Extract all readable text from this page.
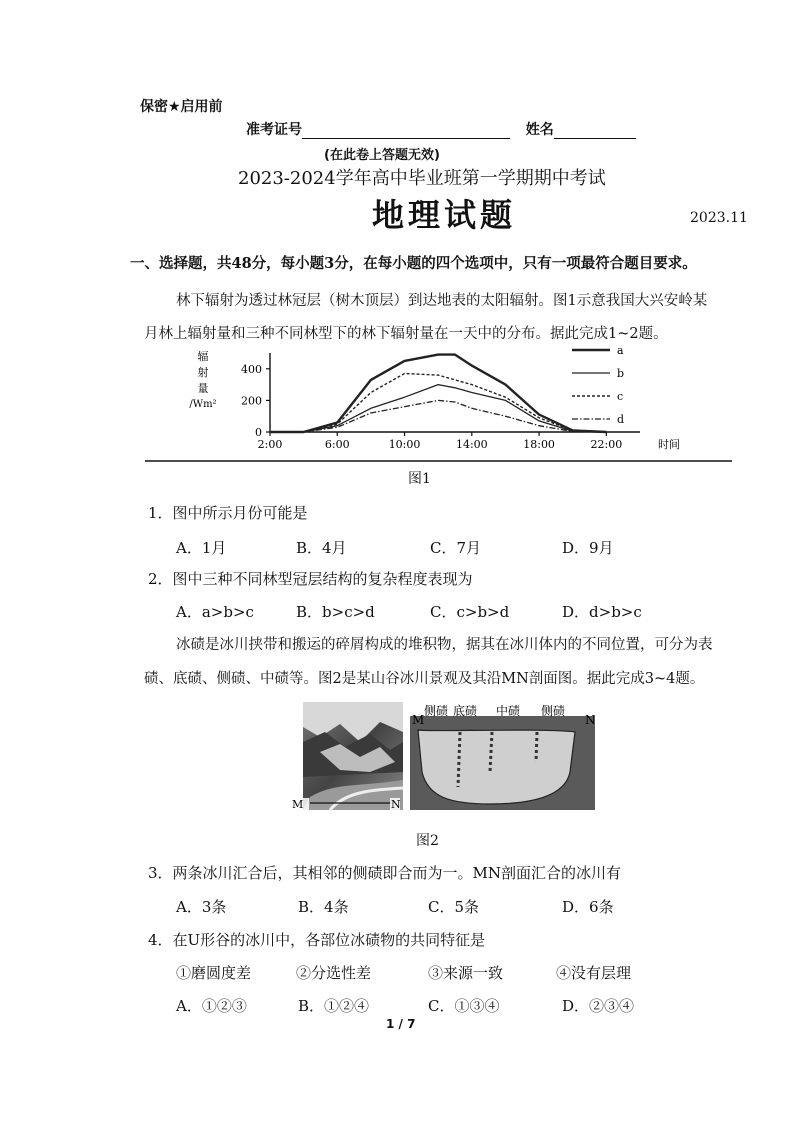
保密★启用前
准考证号	姓名
(在此卷上答题无效)
2023-2024学年高中毕业班第一学期期中考试
地理试题	2023.11
一、选择题，共48分，每小题3分，在每小题的四个选项中，只有一项最符合题目要求。
林下辐射为透过林冠层（树木顶层）到达地表的太阳辐射。图1示意我国大兴安岭某
月林上辐射量和三种不同林型下的林下辐射量在一天中的分布。据此完成1~2题。
辐
射
量
/Wm²
0
200
400
2:00	6:00	10:00	14:00	18:00	22:00	时间
a
b
c
d
图1
1．图中所示月份可能是
A．1月	B．4月	C．7月	D．9月
2．图中三种不同林型冠层结构的复杂程度表现为
A．a>b>c	B．b>c>d	C．c>b>d	D．d>b>c
冰碛是冰川挟带和搬运的碎屑构成的堆积物，据其在冰川体内的不同位置，可分为表
碛、底碛、侧碛、中碛等。图2是某山谷冰川景观及其沿MN剖面图。据此完成3~4题。
M	N
M	N
侧碛 底碛 中碛 侧碛
图2
3．两条冰川汇合后，其相邻的侧碛即合而为一。MN剖面汇合的冰川有
A．3条	B．4条	C．5条	D．6条
4．在U形谷的冰川中，各部位冰碛物的共同特征是
①磨圆度差	②分选性差	③来源一致	④没有层理
A．①②③	B．①②④	C．①③④	D．②③④
1 / 7
